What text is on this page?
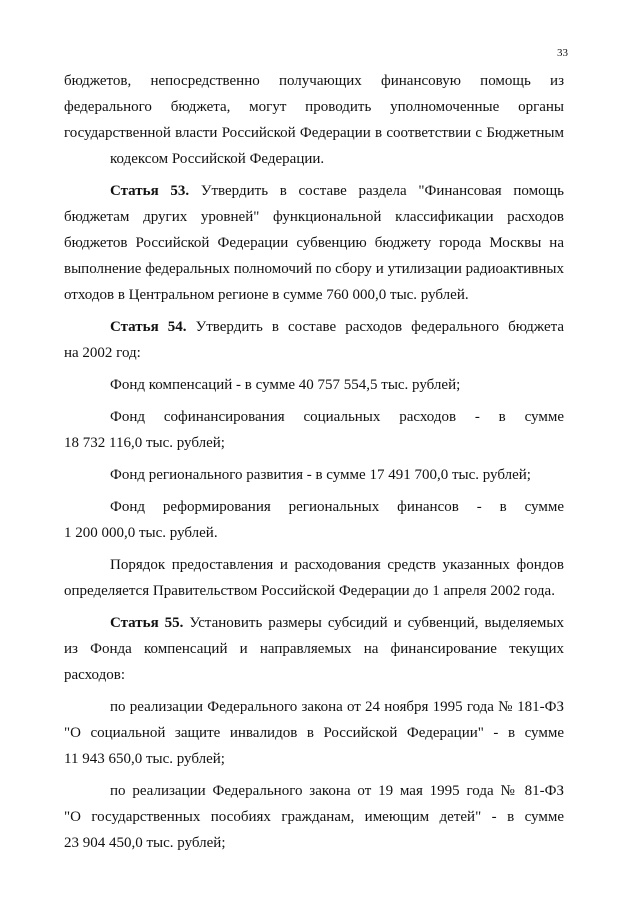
33

бюджетов, непосредственно получающих финансовую помощь из

федерального бюджета, могут проводить уполномоченные органы

государственной власти Российской Федерации в соответствии с Бюджетным

кодексом Российской Федерации.

Статья 53. Утвердить в составе раздела "Финансовая помощь

бюджетам других уровней" функциональной классификации расходов

бюджетов Российской Федерации субвенцию бюджету города Москвы на

выполнение федеральных полномочий по сбору и утилизации радиоактивных

отходов в Центральном регионе в сумме 760 000,0 тыс. рублей.

Статья 54. Утвердить в составе расходов федерального бюджета

на 2002 год:

Фонд компенсаций - в сумме 40 757 554,5 тыс. рублей;

Фонд софинансирования социальных расходов - в сумме

18 732 116,0 тыс. рублей;

Фонд регионального развития - в сумме 17 491 700,0 тыс. рублей;

Фонд реформирования региональных финансов - в сумме

1 200 000,0 тыс. рублей.

Порядок предоставления и расходования средств указанных фондов

определяется Правительством Российской Федерации до 1 апреля 2002 года.

Статья 55. Установить размеры субсидий и субвенций, выделяемых

из Фонда компенсаций и направляемых на финансирование текущих

расходов:

по реализации Федерального закона от 24 ноября 1995 года № 181-ФЗ

"О социальной защите инвалидов в Российской Федерации" - в сумме

11 943 650,0 тыс. рублей;

по реализации Федерального закона от 19 мая 1995 года № 81-ФЗ

"О государственных пособиях гражданам, имеющим детей" - в сумме

23 904 450,0 тыс. рублей;
